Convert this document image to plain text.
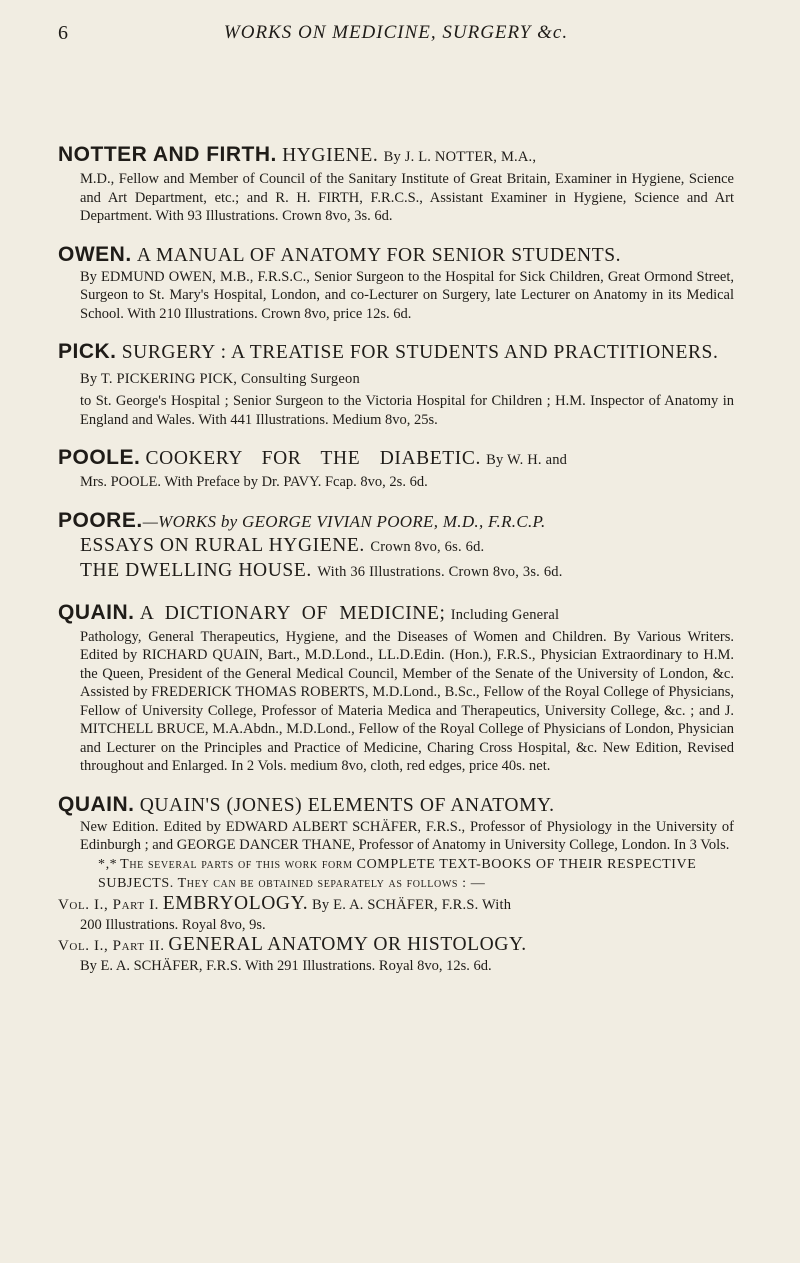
6	WORKS ON MEDICINE, SURGERY &c.
NOTTER AND FIRTH. HYGIENE. By J. L. NOTTER, M.A.,
M.D., Fellow and Member of Council of the Sanitary Institute of Great Britain, Examiner in Hygiene, Science and Art Department, etc.; and R. H. FIRTH, F.R.C.S., Assistant Examiner in Hygiene, Science and Art Department. With 93 Illustrations. Crown 8vo, 3s. 6d.
OWEN. A MANUAL OF ANATOMY FOR SENIOR STUDENTS.
By EDMUND OWEN, M.B., F.R.S.C., Senior Surgeon to the Hospital for Sick Children, Great Ormond Street, Surgeon to St. Mary's Hospital, London, and co-Lecturer on Surgery, late Lecturer on Anatomy in its Medical School. With 210 Illustrations. Crown 8vo, price 12s. 6d.
PICK. SURGERY : A TREATISE FOR STUDENTS AND PRACTITIONERS. By T. PICKERING PICK, Consulting Surgeon
to St. George's Hospital ; Senior Surgeon to the Victoria Hospital for Children ; H.M. Inspector of Anatomy in England and Wales. With 441 Illustrations. Medium 8vo, 25s.
POOLE. COOKERY FOR THE DIABETIC. By W. H. and
Mrs. POOLE. With Preface by Dr. PAVY. Fcap. 8vo, 2s. 6d.
POORE.—WORKS by GEORGE VIVIAN POORE, M.D., F.R.C.P.
ESSAYS ON RURAL HYGIENE. Crown 8vo, 6s. 6d.
THE DWELLING HOUSE. With 36 Illustrations. Crown 8vo, 3s. 6d.
QUAIN. A DICTIONARY OF MEDICINE; Including General
Pathology, General Therapeutics, Hygiene, and the Diseases of Women and Children. By Various Writers. Edited by RICHARD QUAIN, Bart., M.D.Lond., LL.D.Edin. (Hon.), F.R.S., Physician Extraordinary to H.M. the Queen, President of the General Medical Council, Member of the Senate of the University of London, &c. Assisted by FREDERICK THOMAS ROBERTS, M.D.Lond., B.Sc., Fellow of the Royal College of Physicians, Fellow of University College, Professor of Materia Medica and Therapeutics, University College, &c. ; and J. MITCHELL BRUCE, M.A.Abdn., M.D.Lond., Fellow of the Royal College of Physicians of London, Physician and Lecturer on the Principles and Practice of Medicine, Charing Cross Hospital, &c. New Edition, Revised throughout and Enlarged. In 2 Vols. medium 8vo, cloth, red edges, price 40s. net.
QUAIN. QUAIN'S (JONES) ELEMENTS OF ANATOMY.
New Edition. Edited by EDWARD ALBERT SCHÄFER, F.R.S., Professor of Physiology in the University of Edinburgh ; and GEORGE DANCER THANE, Professor of Anatomy in University College, London. In 3 Vols.
*‚* The several parts of this work form COMPLETE TEXT-BOOKS OF THEIR RESPECTIVE SUBJECTS. They can be obtained separately as follows : —
Vol. I., Part I. EMBRYOLOGY. By E. A. SCHÄFER, F.R.S. With
200 Illustrations. Royal 8vo, 9s.
Vol. I., Part II. GENERAL ANATOMY OR HISTOLOGY.
By E. A. SCHÄFER, F.R.S. With 291 Illustrations. Royal 8vo, 12s. 6d.
